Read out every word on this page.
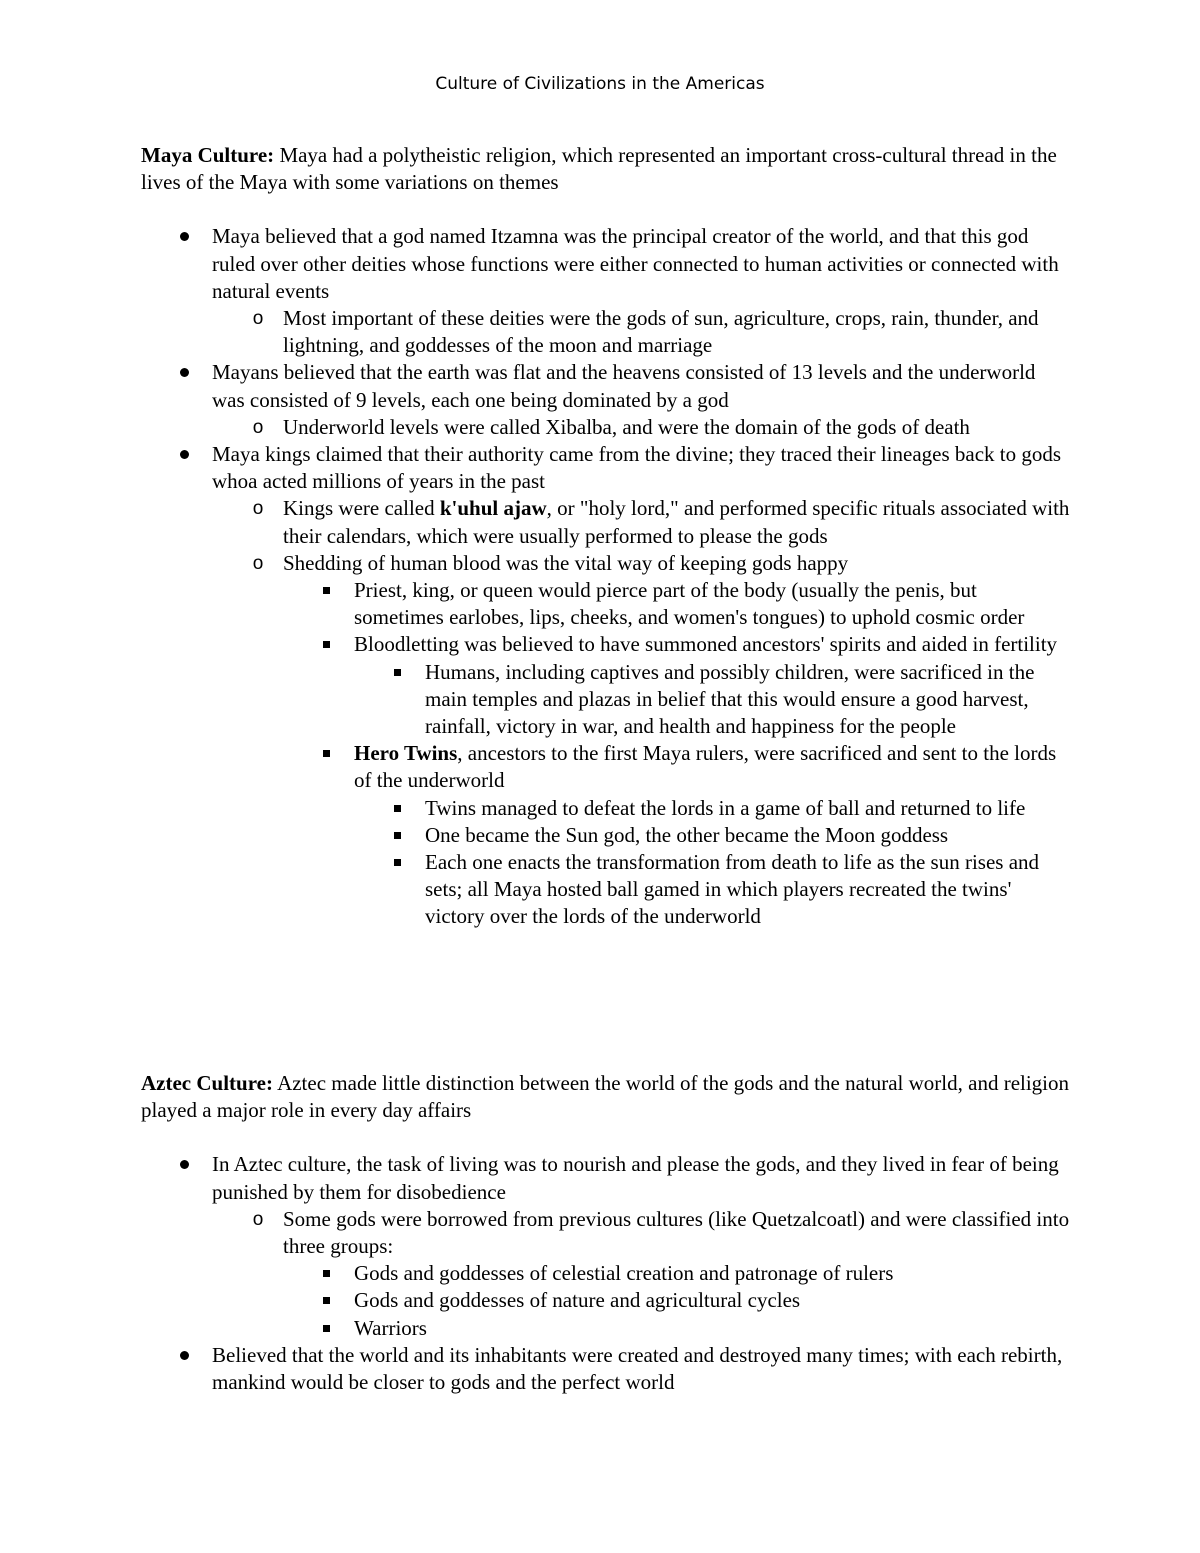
Culture of Civilizations in the Americas

Maya Culture: Maya had a polytheistic religion, which represented an important cross-cultural thread in the lives of the Maya with some variations on themes

Maya believed that a god named Itzamna was the principal creator of the world, and that this god ruled over other deities whose functions were either connected to human activities or connected with natural events
o Most important of these deities were the gods of sun, agriculture, crops, rain, thunder, and lightning, and goddesses of the moon and marriage
Mayans believed that the earth was flat and the heavens consisted of 13 levels and the underworld was consisted of 9 levels, each one being dominated by a god
o Underworld levels were called Xibalba, and were the domain of the gods of death
Maya kings claimed that their authority came from the divine; they traced their lineages back to gods whoa acted millions of years in the past
o Kings were called k'uhul ajaw, or "holy lord," and performed specific rituals associated with their calendars, which were usually performed to please the gods
o Shedding of human blood was the vital way of keeping gods happy
Priest, king, or queen would pierce part of the body (usually the penis, but sometimes earlobes, lips, cheeks, and women's tongues) to uphold cosmic order
Bloodletting was believed to have summoned ancestors' spirits and aided in fertility
Humans, including captives and possibly children, were sacrificed in the main temples and plazas in belief that this would ensure a good harvest, rainfall, victory in war, and health and happiness for the people
Hero Twins, ancestors to the first Maya rulers, were sacrificed and sent to the lords of the underworld
Twins managed to defeat the lords in a game of ball and returned to life
One became the Sun god, the other became the Moon goddess
Each one enacts the transformation from death to life as the sun rises and sets; all Maya hosted ball gamed in which players recreated the twins' victory over the lords of the underworld

Aztec Culture: Aztec made little distinction between the world of the gods and the natural world, and religion played a major role in every day affairs

In Aztec culture, the task of living was to nourish and please the gods, and they lived in fear of being punished by them for disobedience
o Some gods were borrowed from previous cultures (like Quetzalcoatl) and were classified into three groups:
Gods and goddesses of celestial creation and patronage of rulers
Gods and goddesses of nature and agricultural cycles
Warriors
Believed that the world and its inhabitants were created and destroyed many times; with each rebirth, mankind would be closer to gods and the perfect world
